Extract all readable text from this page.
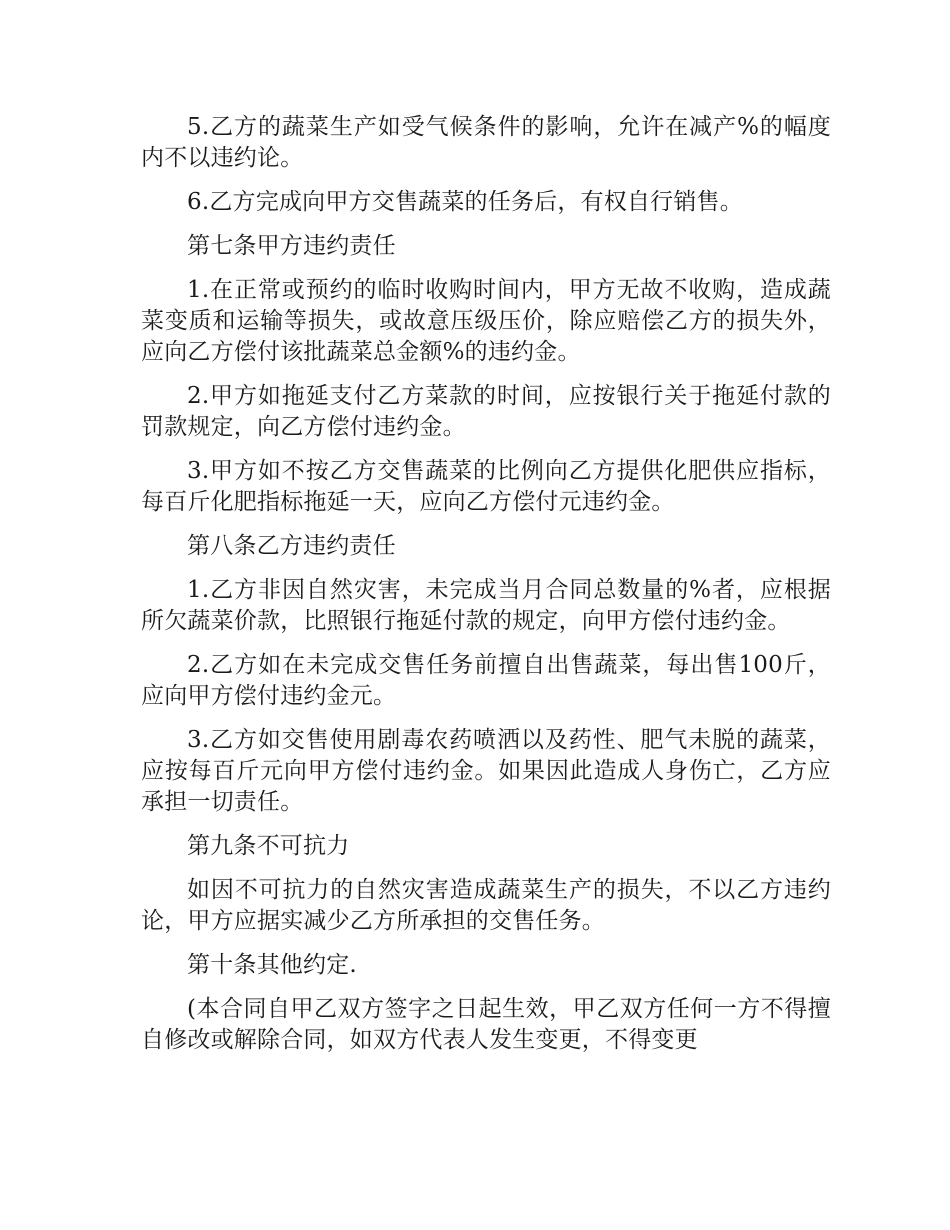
5.乙方的蔬菜生产如受气候条件的影响，允许在减产%的幅度内不以违约论。

6.乙方完成向甲方交售蔬菜的任务后，有权自行销售。

第七条甲方违约责任

1.在正常或预约的临时收购时间内，甲方无故不收购，造成蔬菜变质和运输等损失，或故意压级压价，除应赔偿乙方的损失外，应向乙方偿付该批蔬菜总金额%的违约金。

2.甲方如拖延支付乙方菜款的时间，应按银行关于拖延付款的罚款规定，向乙方偿付违约金。

3.甲方如不按乙方交售蔬菜的比例向乙方提供化肥供应指标，每百斤化肥指标拖延一天，应向乙方偿付元违约金。

第八条乙方违约责任

1.乙方非因自然灾害，未完成当月合同总数量的%者，应根据所欠蔬菜价款，比照银行拖延付款的规定，向甲方偿付违约金。

2.乙方如在未完成交售任务前擅自出售蔬菜，每出售100斤，应向甲方偿付违约金元。

3.乙方如交售使用剧毒农药喷洒以及药性、肥气未脱的蔬菜，应按每百斤元向甲方偿付违约金。如果因此造成人身伤亡，乙方应承担一切责任。

第九条不可抗力

如因不可抗力的自然灾害造成蔬菜生产的损失，不以乙方违约论，甲方应据实减少乙方所承担的交售任务。

第十条其他约定.

(本合同自甲乙双方签字之日起生效，甲乙双方任何一方不得擅自修改或解除合同，如双方代表人发生变更，不得变更
